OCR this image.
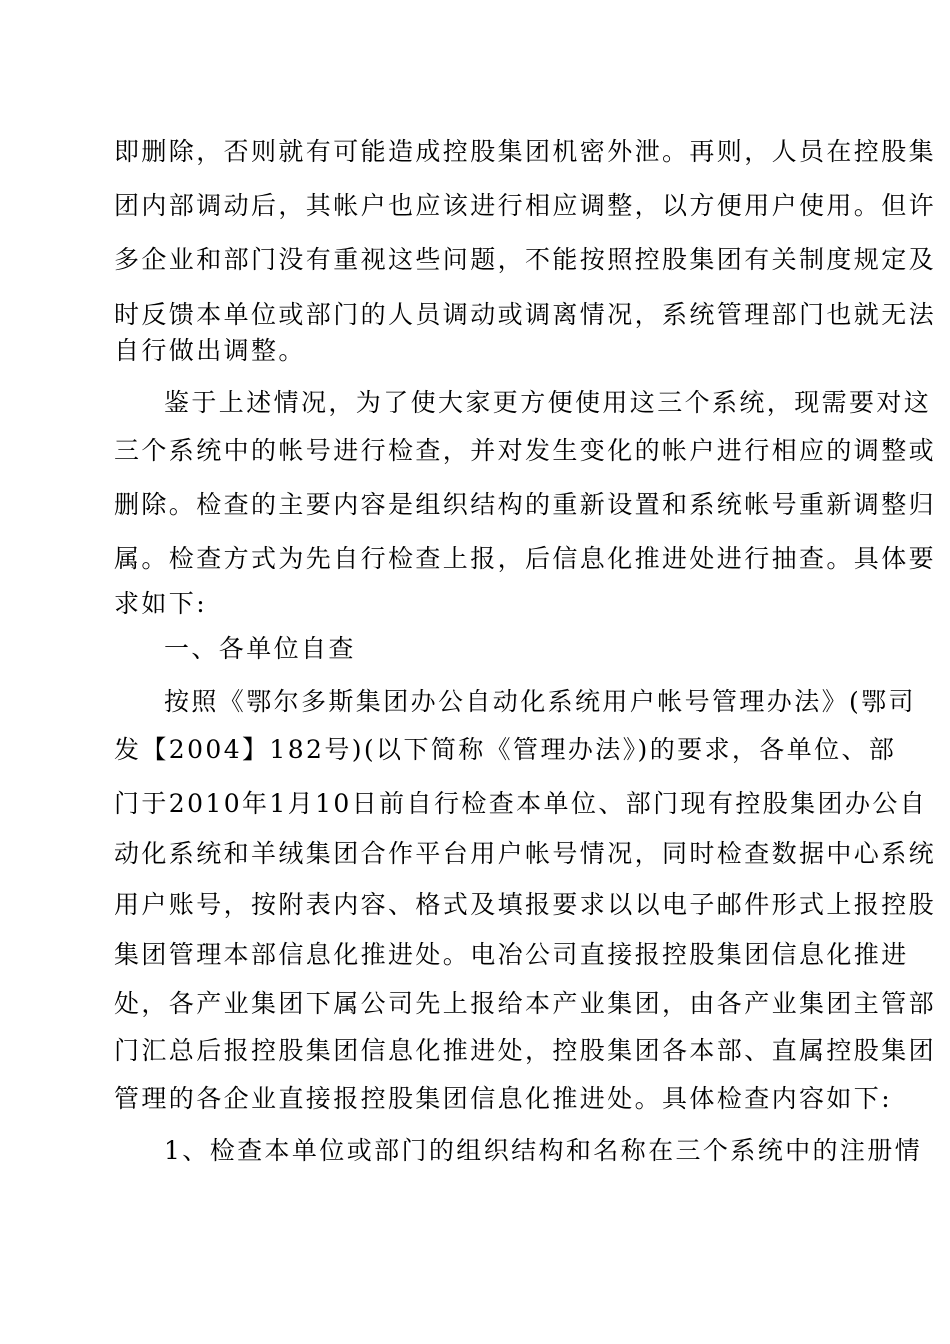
即删除，否则就有可能造成控股集团机密外泄。再则，人员在控股集
团内部调动后，其帐户也应该进行相应调整，以方便用户使用。但许
多企业和部门没有重视这些问题，不能按照控股集团有关制度规定及
时反馈本单位或部门的人员调动或调离情况，系统管理部门也就无法
自行做出调整。
鉴于上述情况，为了使大家更方便使用这三个系统，现需要对这
三个系统中的帐号进行检查，并对发生变化的帐户进行相应的调整或
删除。检查的主要内容是组织结构的重新设置和系统帐号重新调整归
属。检查方式为先自行检查上报，后信息化推进处进行抽查。具体要
求如下:
一、各单位自查
按照《鄂尔多斯集团办公自动化系统用户帐号管理办法》(鄂司
发【2004】182号)(以下简称《管理办法》)的要求，各单位、部
门于2010年1月10日前自行检查本单位、部门现有控股集团办公自
动化系统和羊绒集团合作平台用户帐号情况，同时检查数据中心系统
用户账号，按附表内容、格式及填报要求以以电子邮件形式上报控股
集团管理本部信息化推进处。电冶公司直接报控股集团信息化推进
处，各产业集团下属公司先上报给本产业集团，由各产业集团主管部
门汇总后报控股集团信息化推进处，控股集团各本部、直属控股集团
管理的各企业直接报控股集团信息化推进处。具体检查内容如下:
1、检查本单位或部门的组织结构和名称在三个系统中的注册情
